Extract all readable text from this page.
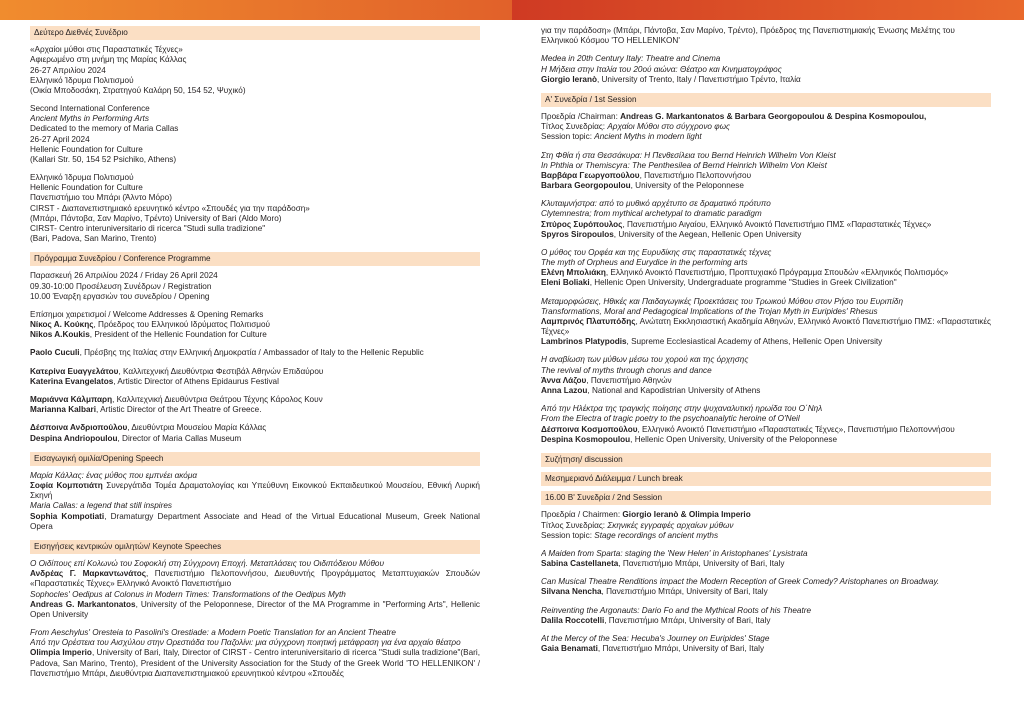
Δεύτερο Διεθνές Συνέδριο

«Αρχαίοι μύθοι στις Παραστατικές Τέχνες»

Αφιερωμένο στη μνήμη της Μαρίας Κάλλας

26-27 Απριλίου 2024

Ελληνικό Ίδρυμα Πολιτισμού

(Οικία Μποδοσάκη, Στρατηγού Καλάρη 50, 154 52, Ψυχικό)

Second International Conference

Ancient Myths in Performing Arts

Dedicated to the memory of Maria Callas

26-27 April 2024

Hellenic Foundation for Culture

(Kallari Str. 50, 154 52 Psichiko, Athens)

Ελληνικό Ίδρυμα Πολιτισμού

Hellenic Foundation for Culture

Πανεπιστήμιο του Μπάρι (Άλντο Μόρο)

CIRST - Διαπανεπιστημιακό ερευνητικό κέντρο «Σπουδές για την παράδοση»

(Μπάρι, Πάντοβα, Σαν Μαρίνο, Τρέντο) University of Bari (Aldo Moro)

CIRST- Centro interuniversitario di ricerca "Studi sulla tradizione"

(Bari, Padova, San Marino, Trento)

Πρόγραμμα Συνεδρίου / Conference Programme

Παρασκευή 26 Απριλίου 2024 / Friday 26 April 2024

09.30-10:00 Προσέλευση Συνέδρων / Registration

10.00 Έναρξη εργασιών του συνεδρίου / Opening

Επίσημοι χαιρετισμοί / Welcome Addresses & Opening Remarks

Νίκος Α. Κούκης, Πρόεδρος του Ελληνικού Ιδρύματος Πολιτισμού

Nikos A.Koukis, President of the Hellenic Foundation for Culture

Paolo Cuculi, Πρέσβης της Ιταλίας στην Ελληνική Δημοκρατία / Ambassador of Italy to the Hellenic Republic

Κατερίνα Ευαγγελάτου, Καλλιτεχνική Διευθύντρια Φεστιβάλ Αθηνών Επιδαύρου

Katerina Evangelatos, Artistic Director of Athens Epidaurus Festival

Μαριάννα Κάλμπαρη, Καλλιτεχνική Διευθύντρια Θεάτρου Τέχνης Κάρολος Κουν

Marianna Kalbari, Artistic Director of the Art Theatre of Greece.

Δέσποινα Ανδριοπούλου, Διευθύντρια Μουσείου Μαρία Κάλλας

Despina Andriopoulou, Director of Maria Callas Museum

Εισαγωγική ομιλία/Opening Speech

Μαρία Κάλλας: ένας μύθος που εμπνέει ακόμα

Σοφία Κομποτιάτη Συνεργάτιδα Τομέα Δραματολογίας και Υπεύθυνη Εικονικού Εκπαιδευτικού Μουσείου, Εθνική Λυρική Σκηνή

Maria Callas: a legend that still inspires

Sophia Kompotiati, Dramaturgy Department Associate and Head of the Virtual Educational Museum, Greek National Opera

Εισηγήσεις κεντρικών ομιλητών/ Keynote Speeches

Ο Οιδίπους επί Κολωνώ του Σοφοκλή στη Σύγχρονη Εποχή. Μεταπλάσεις του Οιδιπόδειου Μύθου

Ανδρέας Γ. Μαρκαντωνάτος, Πανεπιστήμιο Πελοποννήσου, Διευθυντής Προγράμματος Μεταπτυχιακών Σπουδών «Παραστατικές Τέχνες» Ελληνικό Ανοικτό Πανεπιστήμιο

Sophocles' Oedipus at Colonus in Modern Times: Transformations of the Oedipus Myth

Andreas G. Markantonatos, University of the Peloponnese, Director of the MA Programme in "Performing Arts", Hellenic Open University

From Aeschylus' Oresteia to Pasolini's Orestiade: a Modern Poetic Translation for an Ancient Theatre

Από την Ορέστεια του Αισχύλου στην Ορεστιάδα του Παζολίνι: μια σύγχρονη ποιητική μετάφραση για ένα αρχαίο θέατρο

Olimpia Imperio, University of Bari, Italy, Director of CIRST - Centro interuniversitario di ricerca "Studi sulla tradizione"(Bari, Padova, San Marino, Trento), President of the University Association for the Study of the Greek World 'TO HELLENIKON' / Πανεπιστήμιο Μπάρι, Διευθύντρια Διαπανεπιστημιακού ερευνητικού κέντρου «Σπουδές

για την παράδοση» (Μπάρι, Πάντοβα, Σαν Μαρίνο, Τρέντο), Πρόεδρος της Πανεπιστημιακής Ένωσης Μελέτης του Ελληνικού Κόσμου 'ΤΟ HELLENIKON'

Medea in 20th Century Italy: Theatre and Cinema

Η Μήδεια στην Ιταλία του 20ού αιώνα: Θέατρο και Κινηματογράφος

Giorgio Ieranò, University of Trento, Italy / Πανεπιστήμιο Τρέντο, Ιταλία

Α' Συνεδρία / 1st Session

Προεδρία /Chairman: Andreas G. Markantonatos & Barbara Georgopoulou & Despina Kosmopoulou,

Τίτλος Συνεδρίας: Αρχαίοι Μύθοι στο σύγχρονο φως

Session topic: Ancient Myths in modern light

Στη Φθία ή στα Θεσσάκυρα: Η Πενθεσίλεια του Bernd Heinrich Wilhelm Von Kleist

In Phthia or Themiscyra: The Penthesilea of Bernd Heinrich Wilhelm Von Kleist

Βαρβάρα Γεωργοπούλου, Πανεπιστήμιο Πελοποννήσου

Barbara Georgopoulou, University of the Peloponnese

Κλυταιμνήστρα: από το μυθικό αρχέτυπο σε δραματικό πρότυπο

Clytemnestra; from mythical archetypal to dramatic paradigm

Σπύρος Συρόπουλος, Πανεπιστήμιο Αιγαίου, Ελληνικό Ανοικτό Πανεπιστήμιο ΠΜΣ «Παραστατικές Τέχνες»

Spyros Siropoulos, University of the Aegean, Hellenic Open University

Ο μύθος του Ορφέα και της Ευρυδίκης στις παραστατικές τέχνες

The myth of Orpheus and Eurydice in the performing arts

Ελένη Μπολιάκη, Ελληνικό Ανοικτό Πανεπιστήμιο, Προπτυχιακό Πρόγραμμα Σπουδών «Ελληνικός Πολιτισμός»

Eleni Boliaki, Hellenic Open University, Undergraduate programme "Studies in Greek Civilization"

Μεταμορφώσεις, Ηθικές και Παιδαγωγικές Προεκτάσεις του Τρωικού Μύθου στον Ρήσο του Ευριπίδη

Transformations, Moral and Pedagogical Implications of the Trojan Myth in Euripides' Rhesus

Λαμπρινός Πλατυπόδης, Ανώτατη Εκκλησιαστική Ακαδημία Αθηνών, Ελληνικό Ανοικτό Πανεπιστήμιο ΠΜΣ: «Παραστατικές Τέχνες»

Lambrinos Platypodis, Supreme Ecclesiastical Academy of Athens, Hellenic Open University

Η αναβίωση των μύθων μέσω του χορού και της όρχησης

The revival of myths through chorus and dance

Άννα Λάζου, Πανεπιστήμιο Αθηνών

Anna Lazou, National and Kapodistrian University of Athens

Από την Ηλέκτρα της τραγικής ποίησης στην ψυχαναλυτική ηρωίδα του Ο΄Νηλ

From the Electra of tragic poetry to the psychoanalytic heroine of O'Neil

Δέσποινα Κοσμοπούλου, Ελληνικό Ανοικτό Πανεπιστήμιο «Παραστατικές Τέχνες», Πανεπιστήμιο Πελοποννήσου

Despina Kosmopoulou, Hellenic Open University, University of the Peloponnese

Συζήτηση/ discussion
Μεσημεριανό Διάλειμμα / Lunch break
16.00 Β' Συνεδρία / 2nd Session

Προεδρία / Chairmen: Giorgio Ieranò & Olimpia Imperio

Τίτλος Συνεδρίας: Σκηνικές εγγραφές αρχαίων μύθων

Session topic: Stage recordings of ancient myths

A Maiden from Sparta: staging the 'New Helen' in Aristophanes' Lysistrata

Sabina Castellaneta, Πανεπιστήμιο Μπάρι, University of Bari, Italy

Can Musical Theatre Renditions impact the Modern Reception of Greek Comedy? Aristophanes on Broadway.

Silvana Nencha, Πανεπιστήμιο Μπάρι, University of Bari, Italy

Reinventing the Argonauts: Dario Fo and the Mythical Roots of his Theatre

Dalila Roccotelli, Πανεπιστήμιο Μπάρι, University of Bari, Italy

At the Mercy of the Sea: Hecuba's Journey on Euripides' Stage

Gaia Benamati, Πανεπιστήμιο Μπάρι, University of Bari, Italy
